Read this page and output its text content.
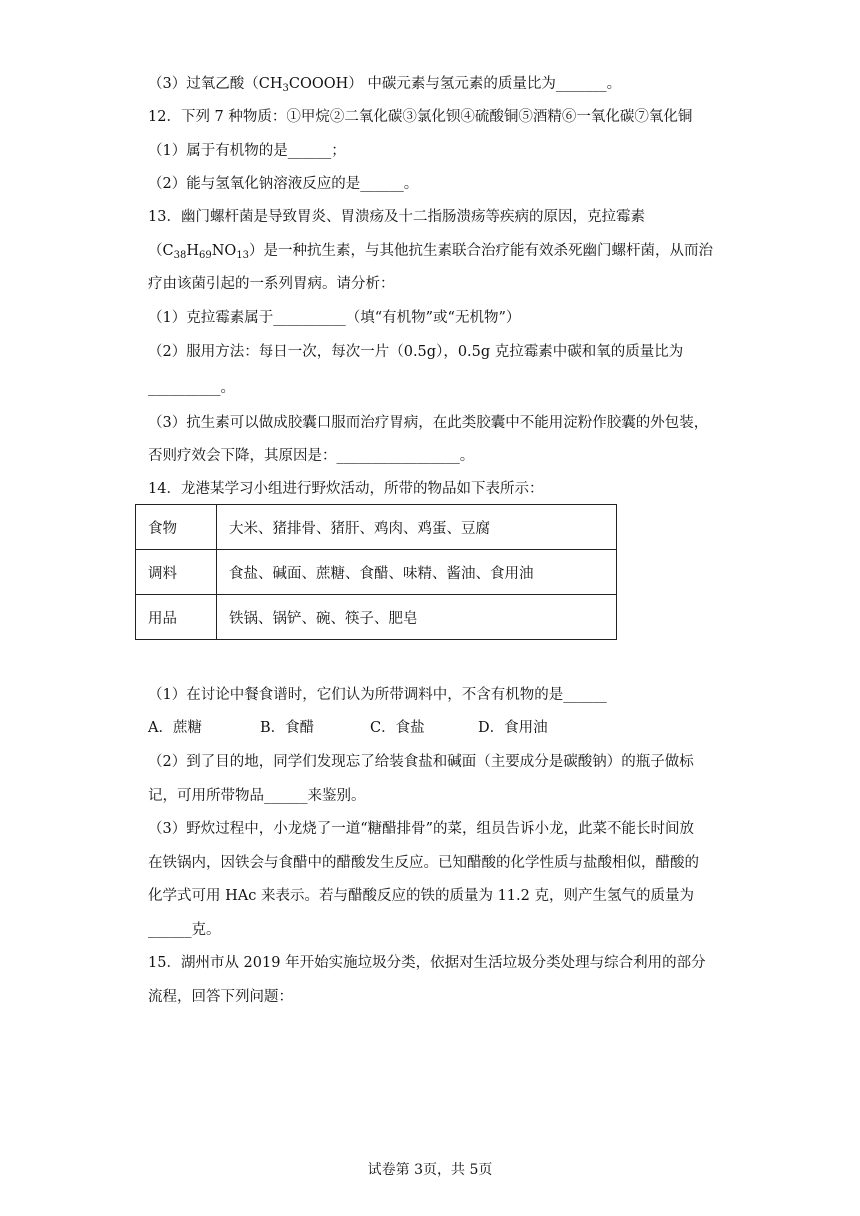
（3）过氧乙酸$(CH_3COOOH)$ 中碳元素与氢元素的质量比为_______。
12．下列 7 种物质：①甲烷②二氧化碳③氯化钡④硫酸铜⑤酒精⑥一氧化碳⑦氧化铜
（1）属于有机物的是______；
（2）能与氢氧化钠溶液反应的是______。
13．幽门螺杆菌是导致胃炎、胃溃疡及十二指肠溃疡等疾病的原因，克拉霉素
$(C_{38}H_{69}NO_{13})$是一种抗生素，与其他抗生素联合治疗能有效杀死幽门螺杆菌，从而治
疗由该菌引起的一系列胃病。请分析：
（1）克拉霉素属于__________（填“有机物”或“无机物”）
（2）服用方法：每日一次，每次一片（0.5g），0.5g 克拉霉素中碳和氧的质量比为
__________。
（3）抗生素可以做成胶囊口服而治疗胃病，在此类胶囊中不能用淀粉作胶囊的外包装，
否则疗效会下降，其原因是：_________________。
14．龙港某学习小组进行野炊活动，所带的物品如下表所示：
食物	大米、猪排骨、猪肝、鸡肉、鸡蛋、豆腐
调料	食盐、碱面、蔗糖、食醋、味精、酱油、食用油
用品	铁锅、锅铲、碗、筷子、肥皂
（1）在讨论中餐食谱时，它们认为所带调料中，不含有机物的是______
A．蔗糖	B．食醋	C．食盐	D．食用油
（2）到了目的地，同学们发现忘了给装食盐和碱面（主要成分是碳酸钠）的瓶子做标
记，可用所带物品______来鉴别。
（3）野炊过程中，小龙烧了一道“糖醋排骨”的菜，组员告诉小龙，此菜不能长时间放
在铁锅内，因铁会与食醋中的醋酸发生反应。已知醋酸的化学性质与盐酸相似，醋酸的
化学式可用 HAc 来表示。若与醋酸反应的铁的质量为 11.2 克，则产生氢气的质量为
______克。
15．湖州市从 2019 年开始实施垃圾分类，依据对生活垃圾分类处理与综合利用的部分
流程，回答下列问题：
试卷第 3页，共 5页
